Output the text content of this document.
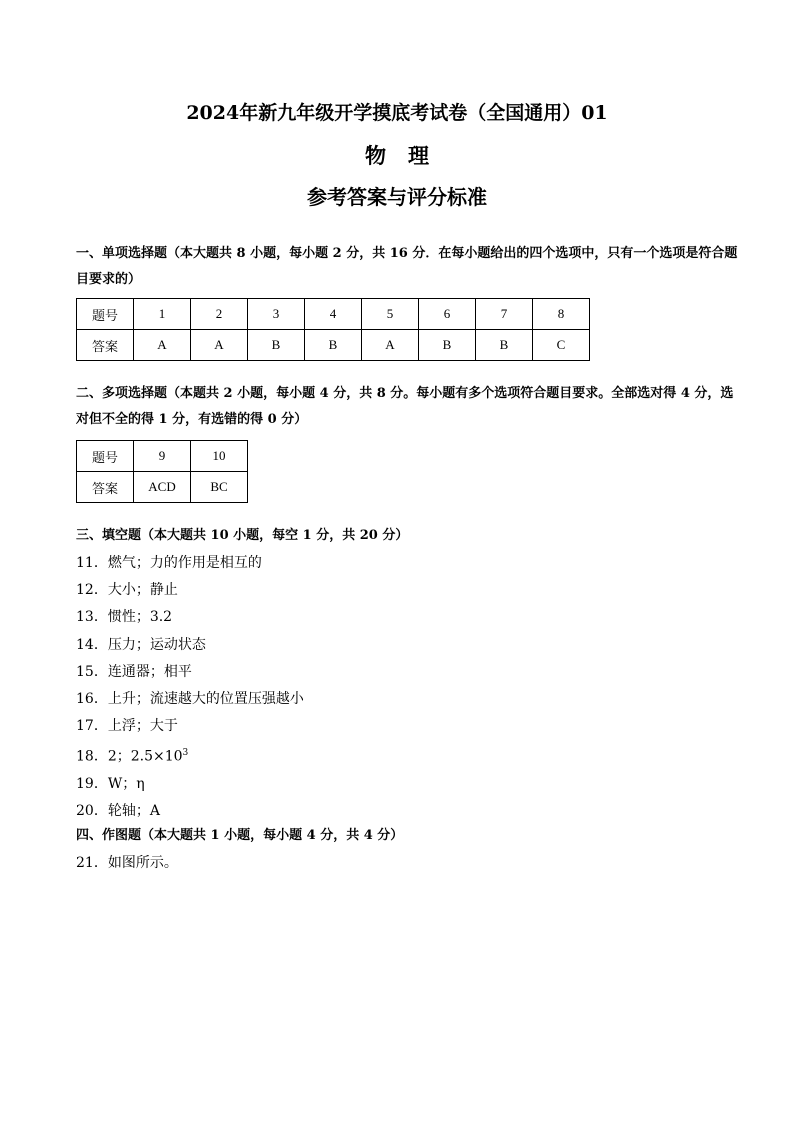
2024年新九年级开学摸底考试卷（全国通用）01
物理
参考答案与评分标准
一、单项选择题（本大题共 8 小题，每小题 2 分，共 16 分．在每小题给出的四个选项中，只有一个选项是符合题目要求的）
题号	1	2	3	4	5	6	7	8
答案	A	A	B	B	A	B	B	C
二、多项选择题（本题共 2 小题，每小题 4 分，共 8 分。每小题有多个选项符合题目要求。全部选对得 4 分，选对但不全的得 1 分，有选错的得 0 分）
题号	9	10
答案	ACD	BC
三、填空题（本大题共 10 小题，每空 1 分，共 20 分）
11．燃气；力的作用是相互的
12．大小；静止
13．惯性；3.2
14．压力；运动状态
15．连通器；相平
16．上升；流速越大的位置压强越小
17．上浮；大于
18．2；$2.5\times 10^3$
19．W；η
20．轮轴；A
四、作图题（本大题共 1 小题，每小题 4 分，共 4 分）
21．如图所示。
